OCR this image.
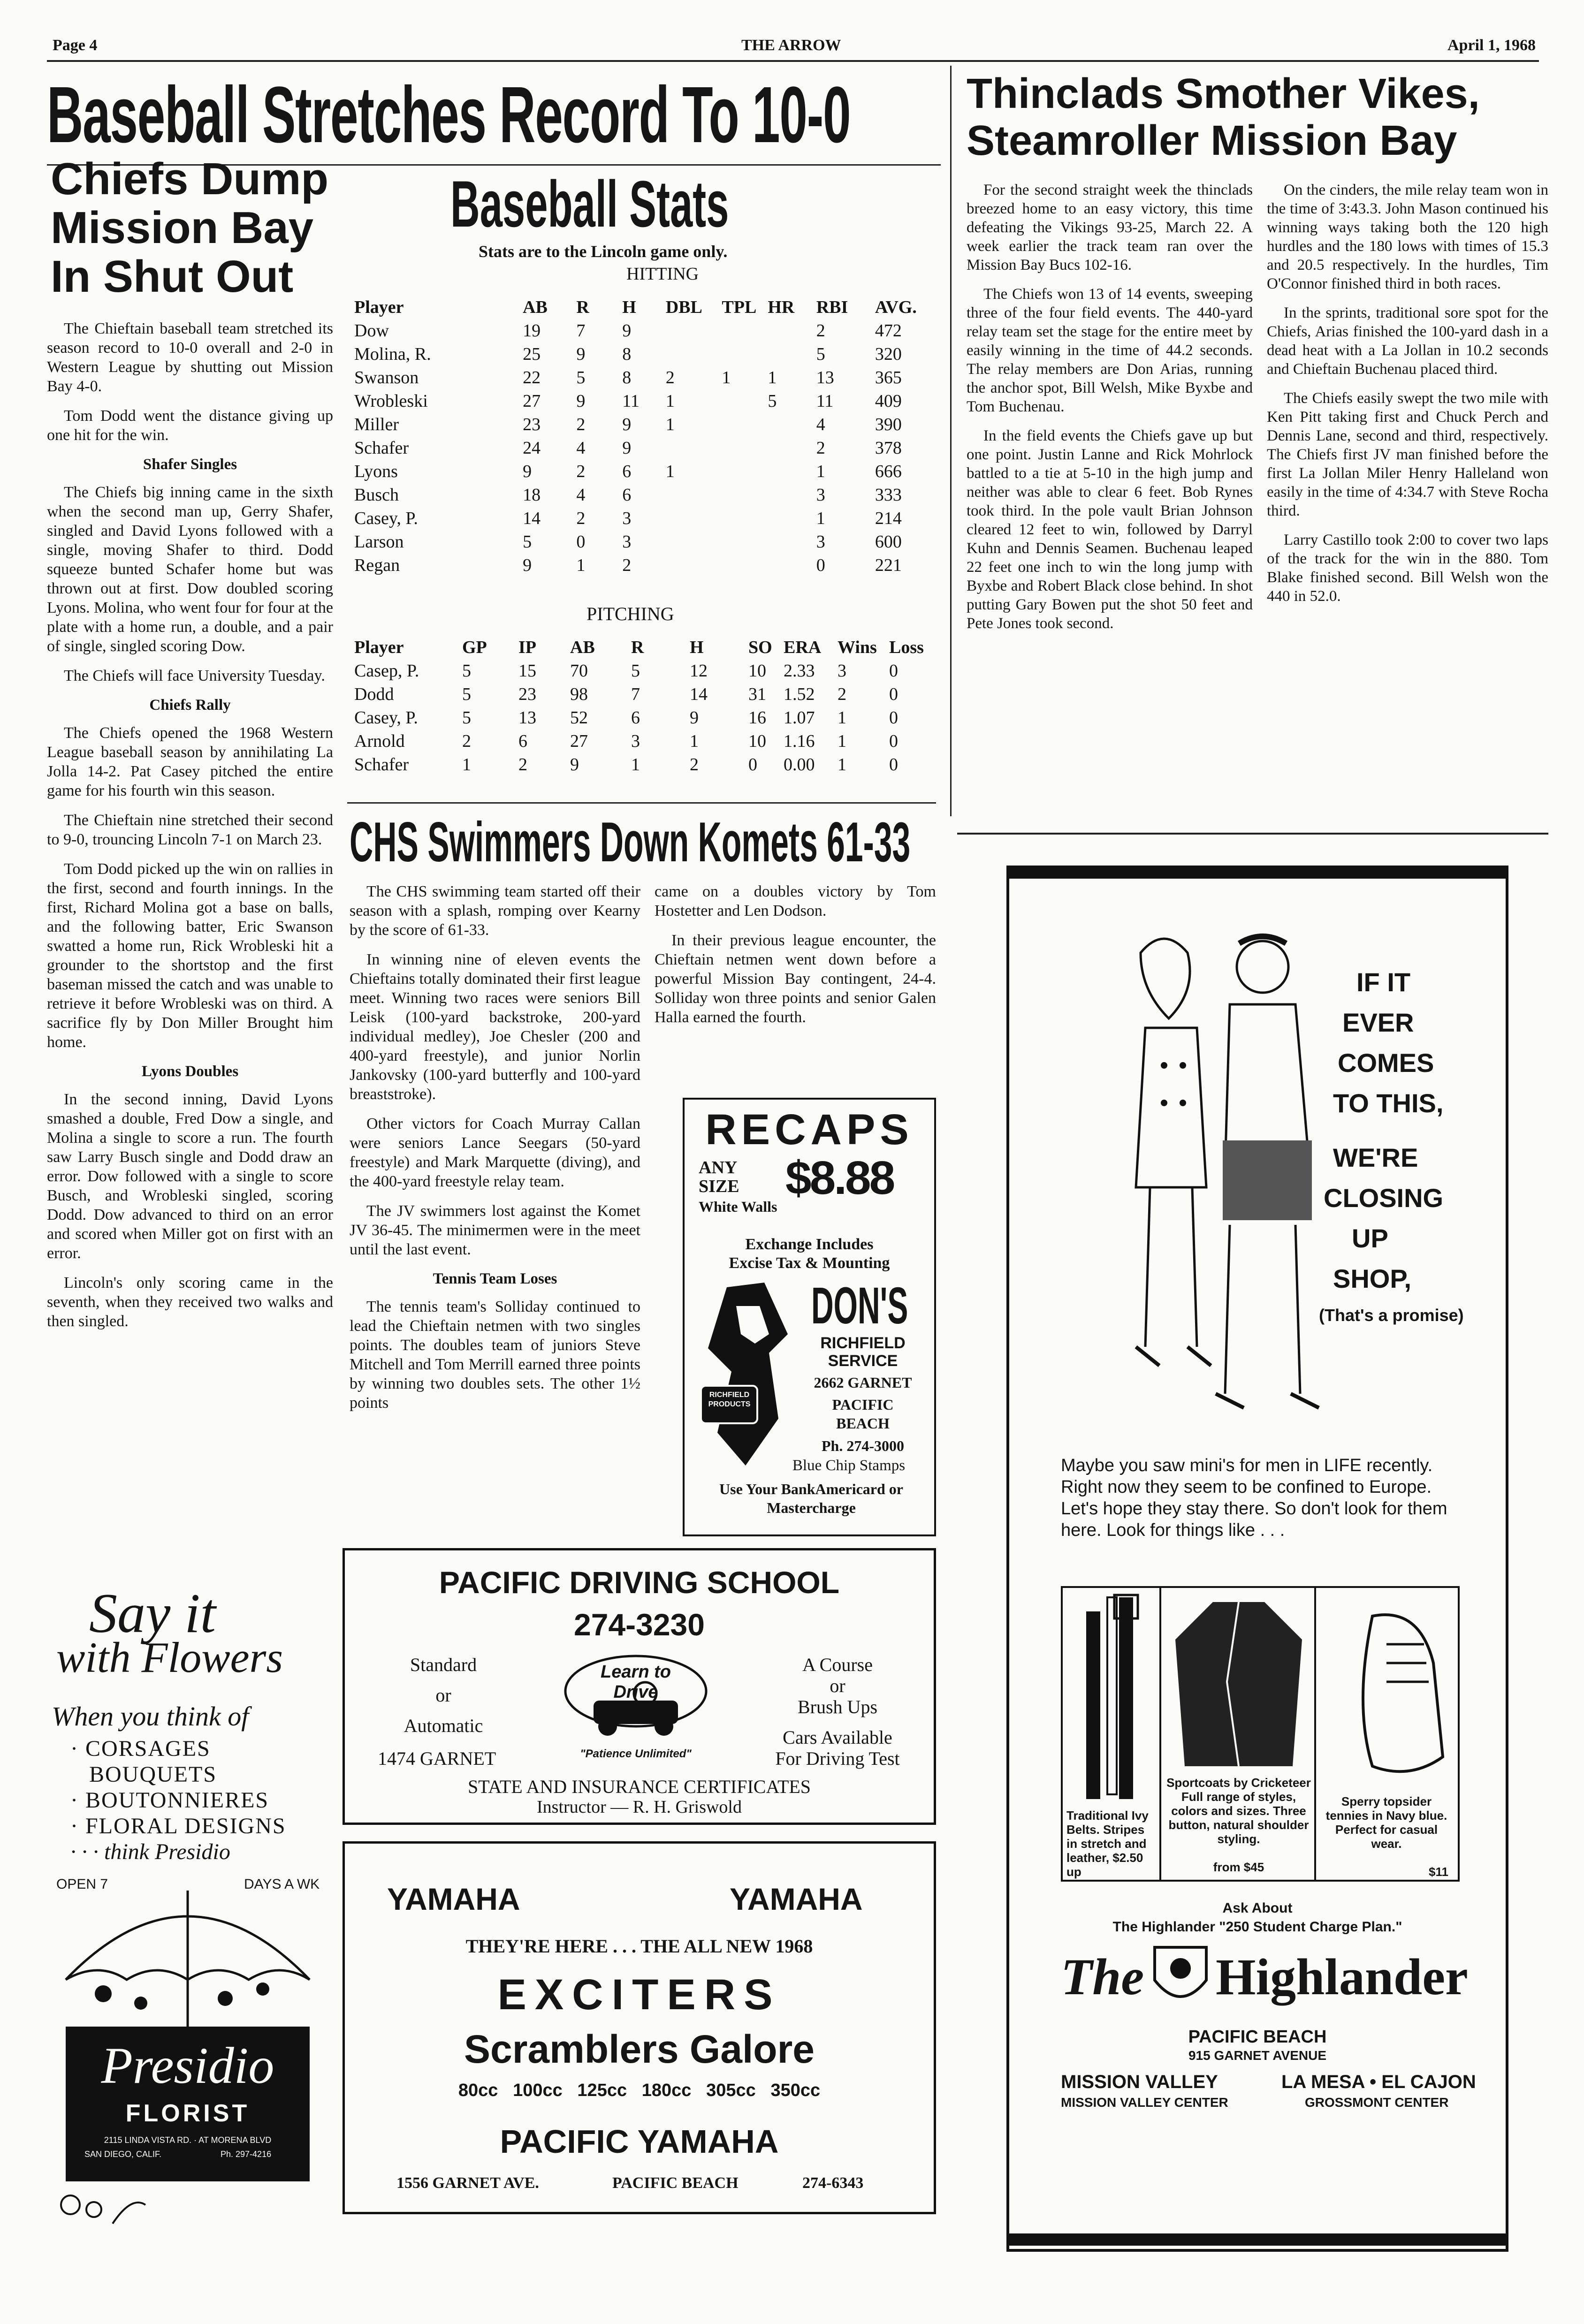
Page 4	THE ARROW	April 1, 1968
Baseball Stretches Record To 10-0
Chiefs Dump Mission Bay In Shut Out

The Chieftain baseball team stretched its season record to 10-0 overall and 2-0 in Western League by shutting out Mission Bay 4-0.

Tom Dodd went the distance giving up one hit for the win.

Shafer Singles

The Chiefs big inning came in the sixth when the second man up, Gerry Shafer, singled and David Lyons followed with a single, moving Shafer to third. Dodd squeeze bunted Schafer home but was thrown out at first. Dow doubled scoring Lyons. Molina, who went four for four at the plate with a home run, a double, and a pair of single, singled scoring Dow.

The Chiefs will face University Tuesday.

Chiefs Rally

The Chiefs opened the 1968 Western League baseball season by annihilating La Jolla 14-2. Pat Casey pitched the entire game for his fourth win this season.

The Chieftain nine stretched their second to 9-0, trouncing Lincoln 7-1 on March 23.

Tom Dodd picked up the win on rallies in the first, second and fourth innings. In the first, Richard Molina got a base on balls, and the following batter, Eric Swanson swatted a home run, Rick Wrobleski hit a grounder to the shortstop and the first baseman missed the catch and was unable to retrieve it before Wrobleski was on third. A sacrifice fly by Don Miller Brought him home.

Lyons Doubles

In the second inning, David Lyons smashed a double, Fred Dow a single, and Molina a single to score a run. The fourth saw Larry Busch single and Dodd draw an error. Dow followed with a single to score Busch, and Wrobleski singled, scoring Dodd. Dow advanced to third on an error and scored when Miller got on first with an error.

Lincoln's only scoring came in the seventh, when they received two walks and then singled.

Baseball Stats
Stats are to the Lincoln game only.
HITTING
Player	AB	R	H	DBL	TPL	HR	RBI	AVG.
Dow	19	7	9				2	472
Molina, R.	25	9	8				5	320
Swanson	22	5	8	2	1	1	13	365
Wrobleski	27	9	11	1		5	11	409
Miller	23	2	9	1			4	390
Schafer	24	4	9				2	378
Lyons	9	2	6	1			1	666
Busch	18	4	6				3	333
Casey, P.	14	2	3				1	214
Larson	5	0	3				3	600
Regan	9	1	2				0	221
PITCHING
Player	GP	IP	AB	R	H	SO	ERA	Wins	Loss
Casep, P.	5	15	70	5	12	10	2.33	3	0
Dodd	5	23	98	7	14	31	1.52	2	0
Casey, P.	5	13	52	6	9	16	1.07	1	0
Arnold	2	6	27	3	1	10	1.16	1	0
Schafer	1	2	9	1	2	0	0.00	1	0
Thinclads Smother Vikes, Steamroller Mission Bay

For the second straight week the thinclads breezed home to an easy victory, this time defeating the Vikings 93-25, March 22. A week earlier the track team ran over the Mission Bay Bucs 102-16.

The Chiefs won 13 of 14 events, sweeping three of the four field events. The 440-yard relay team set the stage for the entire meet by easily winning in the time of 44.2 seconds. The relay members are Don Arias, running the anchor spot, Bill Welsh, Mike Byxbe and Tom Buchenau.

In the field events the Chiefs gave up but one point. Justin Lanne and Rick Mohrlock battled to a tie at 5-10 in the high jump and neither was able to clear 6 feet. Bob Rynes took third. In the pole vault Brian Johnson cleared 12 feet to win, followed by Darryl Kuhn and Dennis Seamen. Buchenau leaped 22 feet one inch to win the long jump with Byxbe and Robert Black close behind. In shot putting Gary Bowen put the shot 50 feet and Pete Jones took second.

On the cinders, the mile relay team won in the time of 3:43.3. John Mason continued his winning ways taking both the 120 high hurdles and the 180 lows with times of 15.3 and 20.5 respectively. In the hurdles, Tim O'Connor finished third in both races.

In the sprints, traditional sore spot for the Chiefs, Arias finished the 100-yard dash in a dead heat with a La Jollan in 10.2 seconds and Chieftain Buchenau placed third.

The Chiefs easily swept the two mile with Ken Pitt taking first and Chuck Perch and Dennis Lane, second and third, respectively. The Chiefs first JV man finished before the first La Jollan Miler Henry Halleland won easily in the time of 4:34.7 with Steve Rocha third.

Larry Castillo took 2:00 to cover two laps of the track for the win in the 880. Tom Blake finished second. Bill Welsh won the 440 in 52.0.

CHS Swimmers Down Komets 61-33

The CHS swimming team started off their season with a splash, romping over Kearny by the score of 61-33.

In winning nine of eleven events the Chieftains totally dominated their first league meet. Winning two races were seniors Bill Leisk (100-yard backstroke, 200-yard individual medley), Joe Chesler (200 and 400-yard freestyle), and junior Norlin Jankovsky (100-yard butterfly and 100-yard breaststroke).

Other victors for Coach Murray Callan were seniors Lance Seegars (50-yard freestyle) and Mark Marquette (diving), and the 400-yard freestyle relay team.

The JV swimmers lost against the Komet JV 36-45. The minimermen were in the meet until the last event.

Tennis Team Loses

The tennis team's Solliday continued to lead the Chieftain netmen with two singles points. The doubles team of juniors Steve Mitchell and Tom Merrill earned three points by winning two doubles sets. The other 1½ points

came on a doubles victory by Tom Hostetter and Len Dodson.

In their previous league encounter, the Chieftain netmen went down before a powerful Mission Bay contingent, 24-4. Solliday won three points and senior Galen Halla earned the fourth.

RECAPS
ANY SIZE
White Walls
$8.88
Exchange Includes
Excise Tax & Mounting
RICHFIELD PRODUCTS
DON'S
RICHFIELD SERVICE
2662 GARNET
PACIFIC BEACH
Ph. 274-3000
Blue Chip Stamps
Use Your BankAmericard or Mastercharge
PACIFIC DRIVING SCHOOL
274-3230
Standard
or
Automatic
1474 GARNET
Learn to Drive
"Patience Unlimited"
A Course
or
Brush Ups
Cars Available
For Driving Test
STATE AND INSURANCE CERTIFICATES
Instructor — R. H. Griswold
YAMAHA	YAMAHA
THEY'RE HERE . . . THE ALL NEW 1968
EXCITERS
Scramblers Galore
80cc   100cc   125cc   180cc   305cc   350cc
PACIFIC YAMAHA
1556 GARNET AVE.	PACIFIC BEACH	274-6343
Say it
with Flowers
When you think of
· CORSAGES
BOUQUETS
· BOUTONNIERES
· FLORAL DESIGNS
· · · think Presidio
OPEN 7	DAYS A WK
Presidio
FLORIST
2115 LINDA VISTA RD. · AT MORENA BLVD
SAN DIEGO, CALIF.	Ph. 297-4216
IF IT
EVER
COMES
TO THIS,
WE'RE
CLOSING
UP
SHOP,
(That's a promise)
Maybe you saw mini's for men in LIFE recently. Right now they seem to be confined to Europe. Let's hope they stay there. So don't look for them here. Look for things like . . .
Traditional Ivy Belts. Stripes in stretch and leather, $2.50 up
Sportcoats by Cricketeer Full range of styles, colors and sizes. Three button, natural shoulder styling.
from $45
Sperry topsider tennies in Navy blue. Perfect for casual wear.
$11
Ask About
The Highlander "250 Student Charge Plan."
The Highlander
PACIFIC BEACH
915 GARNET AVENUE
MISSION VALLEY
MISSION VALLEY CENTER
LA MESA • EL CAJON
GROSSMONT CENTER
